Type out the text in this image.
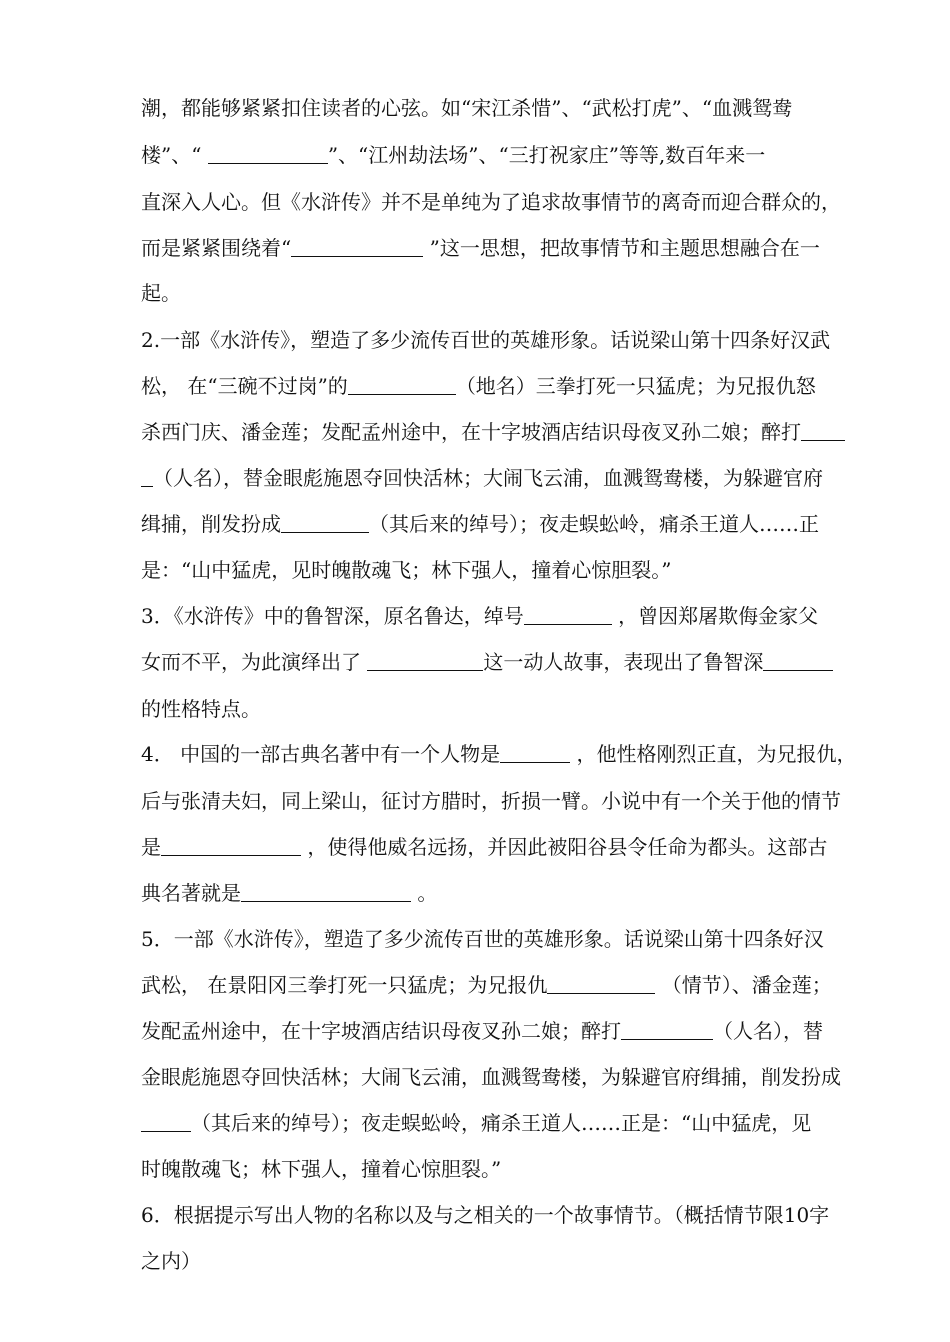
潮，都能够紧紧扣住读者的心弦。如“宋江杀惜”、“武松打虎”、“血溅鸳鸯
楼”、“	”、“江州劫法场”、“三打祝家庄”等等,数百年来一
直深入人心。但《水浒传》并不是单纯为了追求故事情节的离奇而迎合群众的，
而是紧紧围绕着“	”这一思想，把故事情节和主题思想融合在一
起。
2.一部《水浒传》，塑造了多少流传百世的英雄形象。话说梁山第十四条好汉武
松， 在“三碗不过岗”的	（地名）三拳打死一只猛虎；为兄报仇怒
杀西门庆、潘金莲；发配孟州途中，在十字坡酒店结识母夜叉孙二娘；醉打
（人名），替金眼彪施恩夺回快活林；大闹飞云浦，血溅鸳鸯楼，为躲避官府
缉捕，削发扮成	（其后来的绰号）；夜走蜈蚣岭，痛杀王道人……正
是：“山中猛虎，见时魄散魂飞；林下强人，撞着心惊胆裂。”
3．《水浒传》中的鲁智深，原名鲁达，绰号	，曾因郑屠欺侮金家父
女而不平，为此演绎出了	这一动人故事，表现出了鲁智深
的性格特点。
4． 中国的一部古典名著中有一个人物是	，他性格刚烈正直，为兄报仇，
后与张清夫妇，同上梁山，征讨方腊时，折损一臂。小说中有一个关于他的情节
是	，使得他威名远扬，并因此被阳谷县令任命为都头。这部古
典名著就是	。
5．一部《水浒传》，塑造了多少流传百世的英雄形象。话说梁山第十四条好汉
武松， 在景阳冈三拳打死一只猛虎；为兄报仇	（情节）、潘金莲；
发配孟州途中，在十字坡酒店结识母夜叉孙二娘；醉打	（人名），替
金眼彪施恩夺回快活林；大闹飞云浦，血溅鸳鸯楼，为躲避官府缉捕，削发扮成
（其后来的绰号）；夜走蜈蚣岭，痛杀王道人……正是：“山中猛虎，见
时魄散魂飞；林下强人，撞着心惊胆裂。”
6．根据提示写出人物的名称以及与之相关的一个故事情节。（概括情节限10字
之内）
